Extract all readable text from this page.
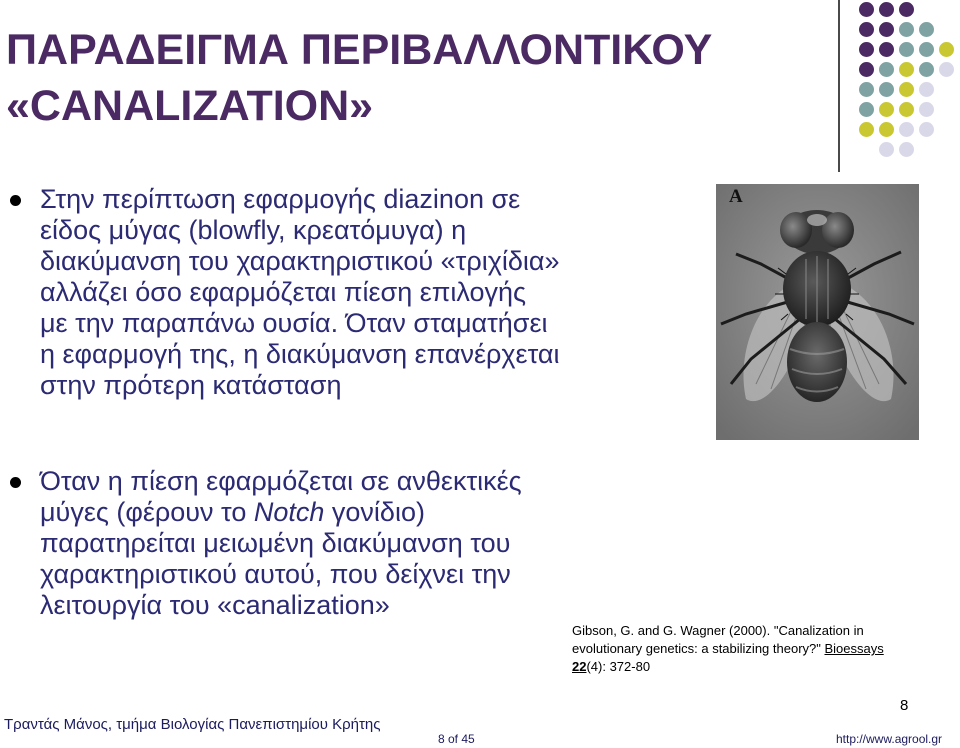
ΠΑΡΑΔΕΙΓΜΑ ΠΕΡΙΒΑΛΛΟΝΤΙΚΟΥ
«CANALIZATION»
Στην περίπτωση εφαρμογής diazinon σε
είδος μύγας (blowfly, κρεατόμυγα) η
διακύμανση του χαρακτηριστικού «τριχίδια»
αλλάζει όσο εφαρμόζεται πίεση επιλογής
με την παραπάνω ουσία. Όταν σταματήσει
η εφαρμογή της, η διακύμανση επανέρχεται
στην πρότερη κατάσταση
Όταν η πίεση εφαρμόζεται σε ανθεκτικές
μύγες (φέρουν το Notch γονίδιο)
παρατηρείται μειωμένη διακύμανση του
χαρακτηριστικού αυτού, που δείχνει την
λειτουργία του «canalization»
A
Gibson, G. and G. Wagner (2000). "Canalization in
evolutionary genetics: a stabilizing theory?" Bioessays
22(4): 372-80
8
Τραντάς Μάνος, τμήμα Βιολογίας Πανεπιστημίου Κρήτης
8 of 45	http://www.agrool.gr
